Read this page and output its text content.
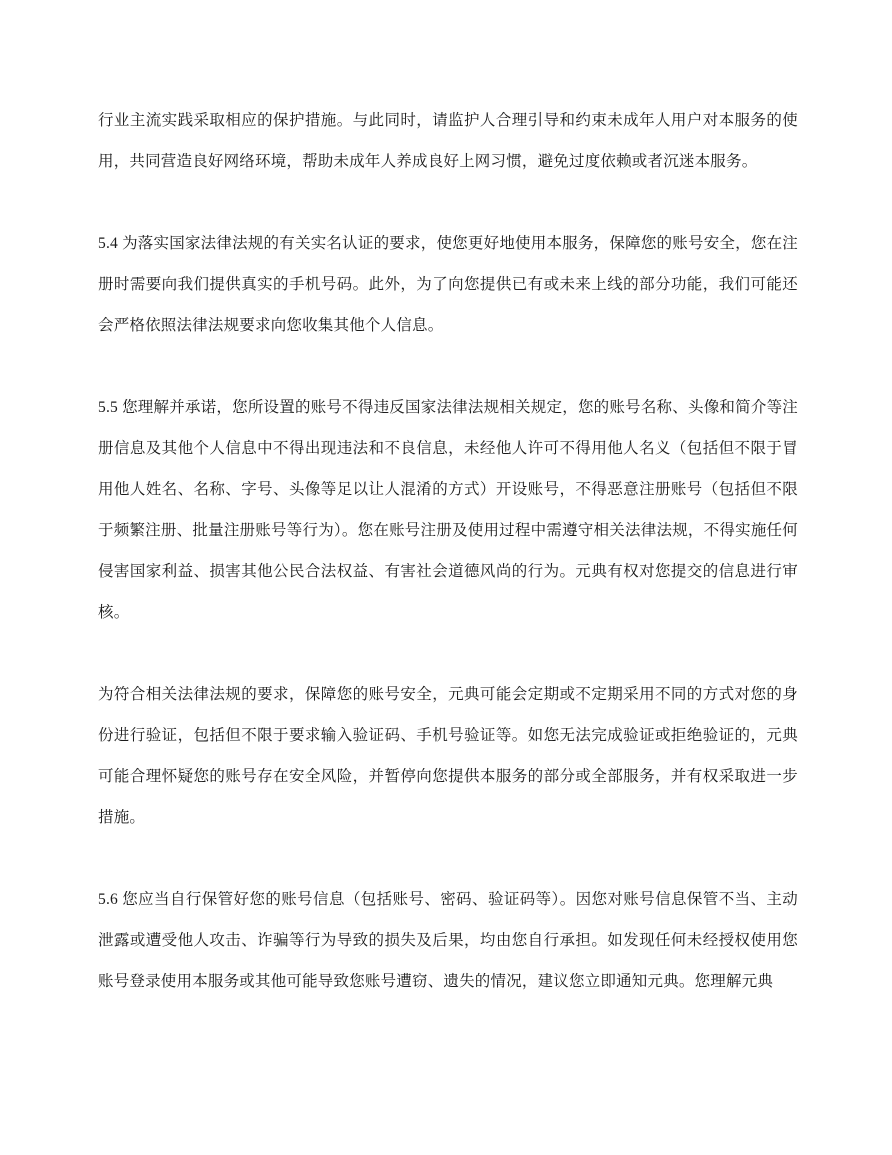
行业主流实践采取相应的保护措施。与此同时，请监护人合理引导和约束未成年人用户对本服务的使用，共同营造良好网络环境，帮助未成年人养成良好上网习惯，避免过度依赖或者沉迷本服务。

5.4 为落实国家法律法规的有关实名认证的要求，使您更好地使用本服务，保障您的账号安全，您在注册时需要向我们提供真实的手机号码。此外，为了向您提供已有或未来上线的部分功能，我们可能还会严格依照法律法规要求向您收集其他个人信息。

5.5 您理解并承诺，您所设置的账号不得违反国家法律法规相关规定，您的账号名称、头像和简介等注册信息及其他个人信息中不得出现违法和不良信息，未经他人许可不得用他人名义（包括但不限于冒用他人姓名、名称、字号、头像等足以让人混淆的方式）开设账号，不得恶意注册账号（包括但不限于频繁注册、批量注册账号等行为）。您在账号注册及使用过程中需遵守相关法律法规，不得实施任何侵害国家利益、损害其他公民合法权益、有害社会道德风尚的行为。元典有权对您提交的信息进行审核。

为符合相关法律法规的要求，保障您的账号安全，元典可能会定期或不定期采用不同的方式对您的身份进行验证，包括但不限于要求输入验证码、手机号验证等。如您无法完成验证或拒绝验证的，元典可能合理怀疑您的账号存在安全风险，并暂停向您提供本服务的部分或全部服务，并有权采取进一步措施。

5.6 您应当自行保管好您的账号信息（包括账号、密码、验证码等）。因您对账号信息保管不当、主动泄露或遭受他人攻击、诈骗等行为导致的损失及后果，均由您自行承担。如发现任何未经授权使用您账号登录使用本服务或其他可能导致您账号遭窃、遗失的情况，建议您立即通知元典。您理解元典
